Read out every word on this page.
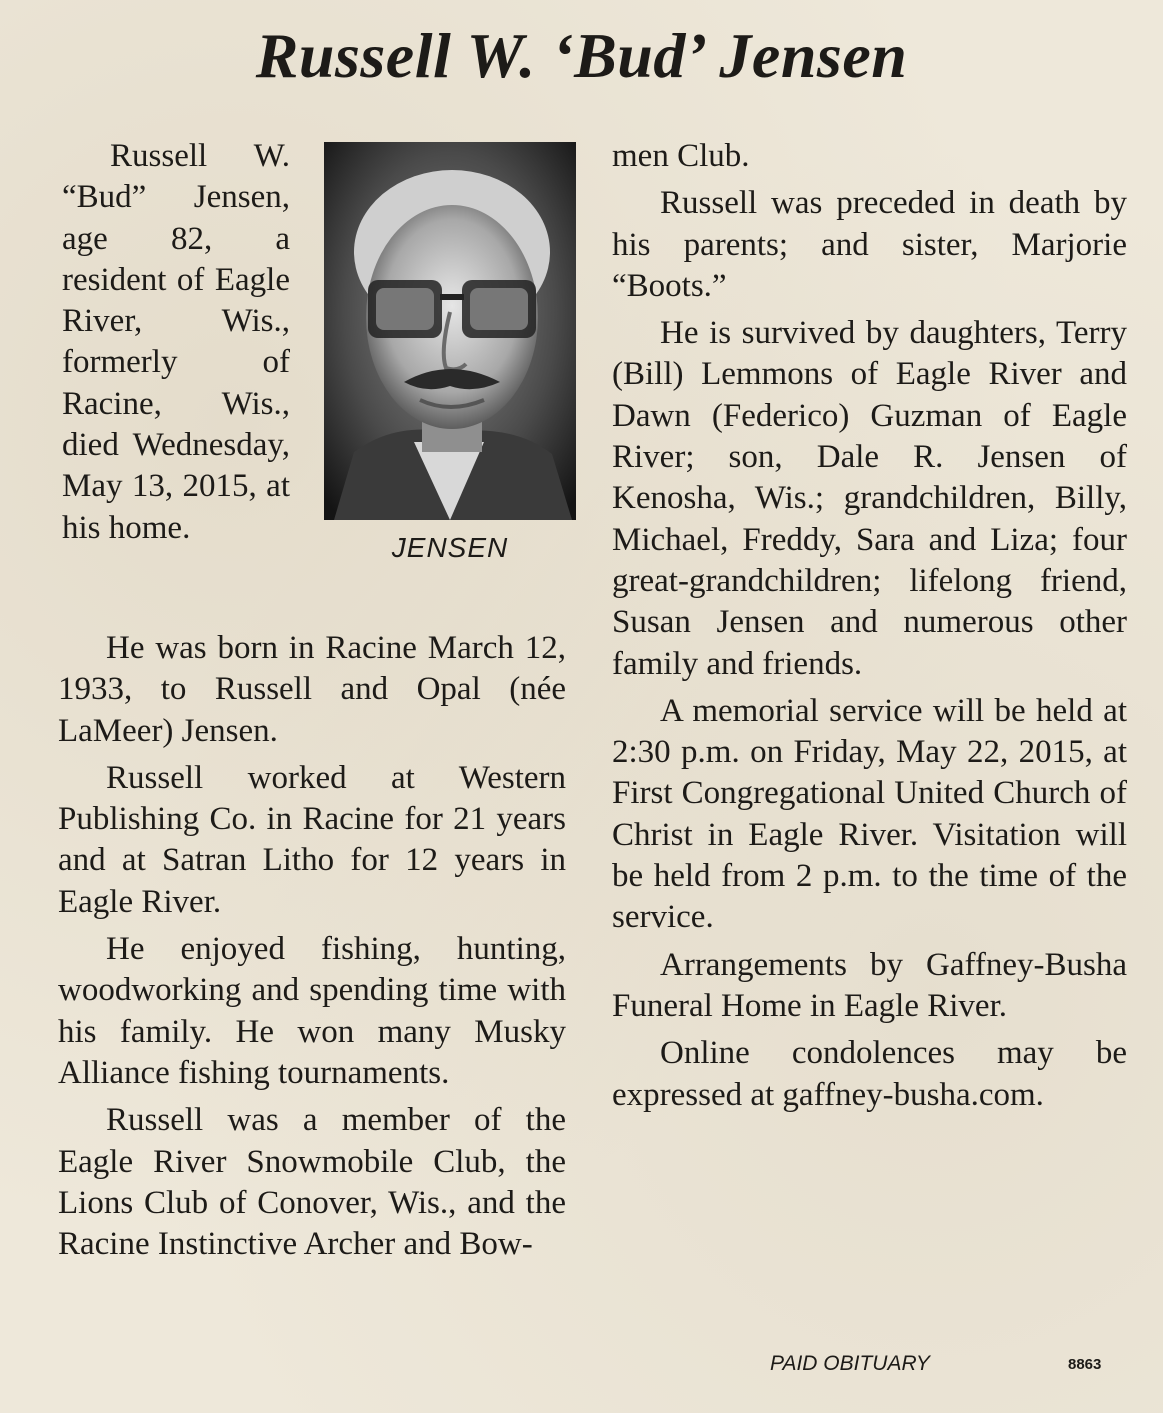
Russell W. ‘Bud’ Jensen

Russell W. “Bud” Jensen, age 82, a resident of Eagle River, Wis., formerly of Racine, Wis., died Wednesday, May 13, 2015, at his home.

JENSEN

He was born in Racine March 12, 1933, to Russell and Opal (née LaMeer) Jensen.

Russell worked at Western Publishing Co. in Racine for 21 years and at Satran Litho for 12 years in Eagle River.

He enjoyed fishing, hunting, woodworking and spending time with his family. He won many Musky Alliance fishing tournaments.

Russell was a member of the Eagle River Snowmobile Club, the Lions Club of Conover, Wis., and the Racine Instinctive Archer and Bow-

men Club.

Russell was preceded in death by his parents; and sister, Marjorie “Boots.”

He is survived by daughters, Terry (Bill) Lemmons of Eagle River and Dawn (Federico) Guzman of Eagle River; son, Dale R. Jensen of Kenosha, Wis.; grandchildren, Billy, Michael, Freddy, Sara and Liza; four great-grandchildren; lifelong friend, Susan Jensen and numerous other family and friends.

A memorial service will be held at 2:30 p.m. on Friday, May 22, 2015, at First Congregational United Church of Christ in Eagle River. Visitation will be held from 2 p.m. to the time of the service.

Arrangements by Gaffney-Busha Funeral Home in Eagle River.

Online condolences may be expressed at gaffney-busha.com.

PAID OBITUARY	8863
